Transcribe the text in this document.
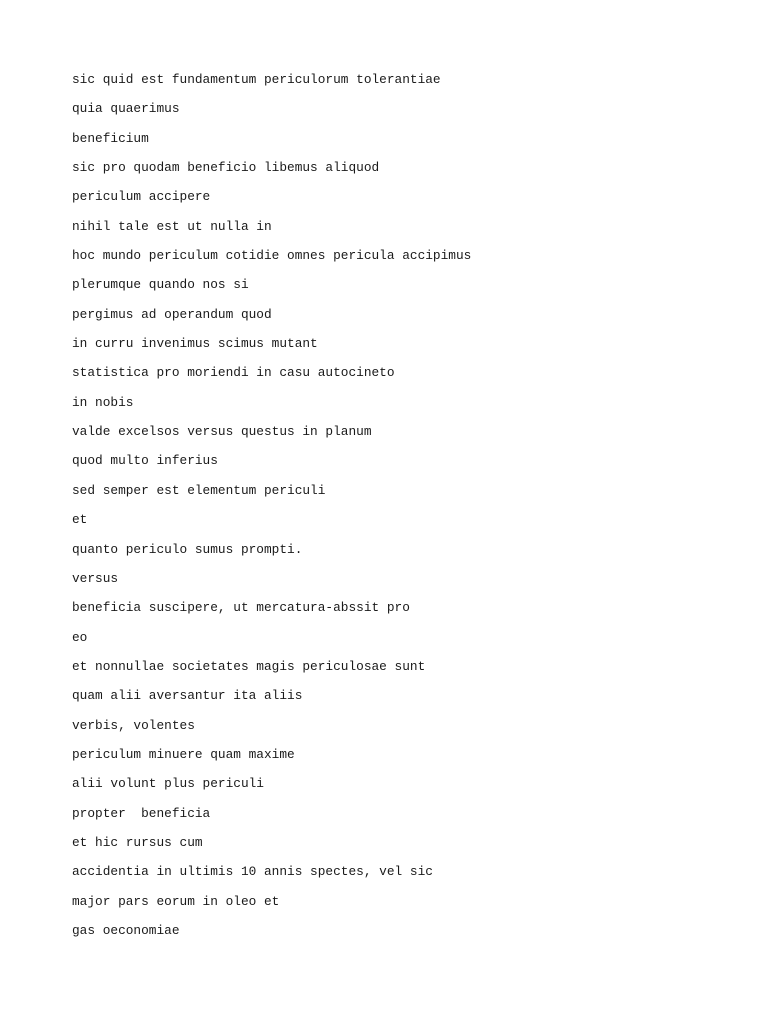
sic quid est fundamentum periculorum tolerantiae
quia quaerimus
beneficium
sic pro quodam beneficio libemus aliquod
periculum accipere
nihil tale est ut nulla in
hoc mundo periculum cotidie omnes pericula accipimus
plerumque quando nos si
pergimus ad operandum quod
in curru invenimus scimus mutant
statistica pro moriendi in casu autocineto
in nobis
valde excelsos versus questus in planum
quod multo inferius
sed semper est elementum periculi
et
quanto periculo sumus prompti.
versus
beneficia suscipere, ut mercatura-abssit pro
eo
et nonnullae societates magis periculosae sunt
quam alii aversantur ita aliis
verbis, volentes
periculum minuere quam maxime
alii volunt plus periculi
propter  beneficia
et hic rursus cum
accidentia in ultimis 10 annis spectes, vel sic
major pars eorum in oleo et
gas oeconomiae
